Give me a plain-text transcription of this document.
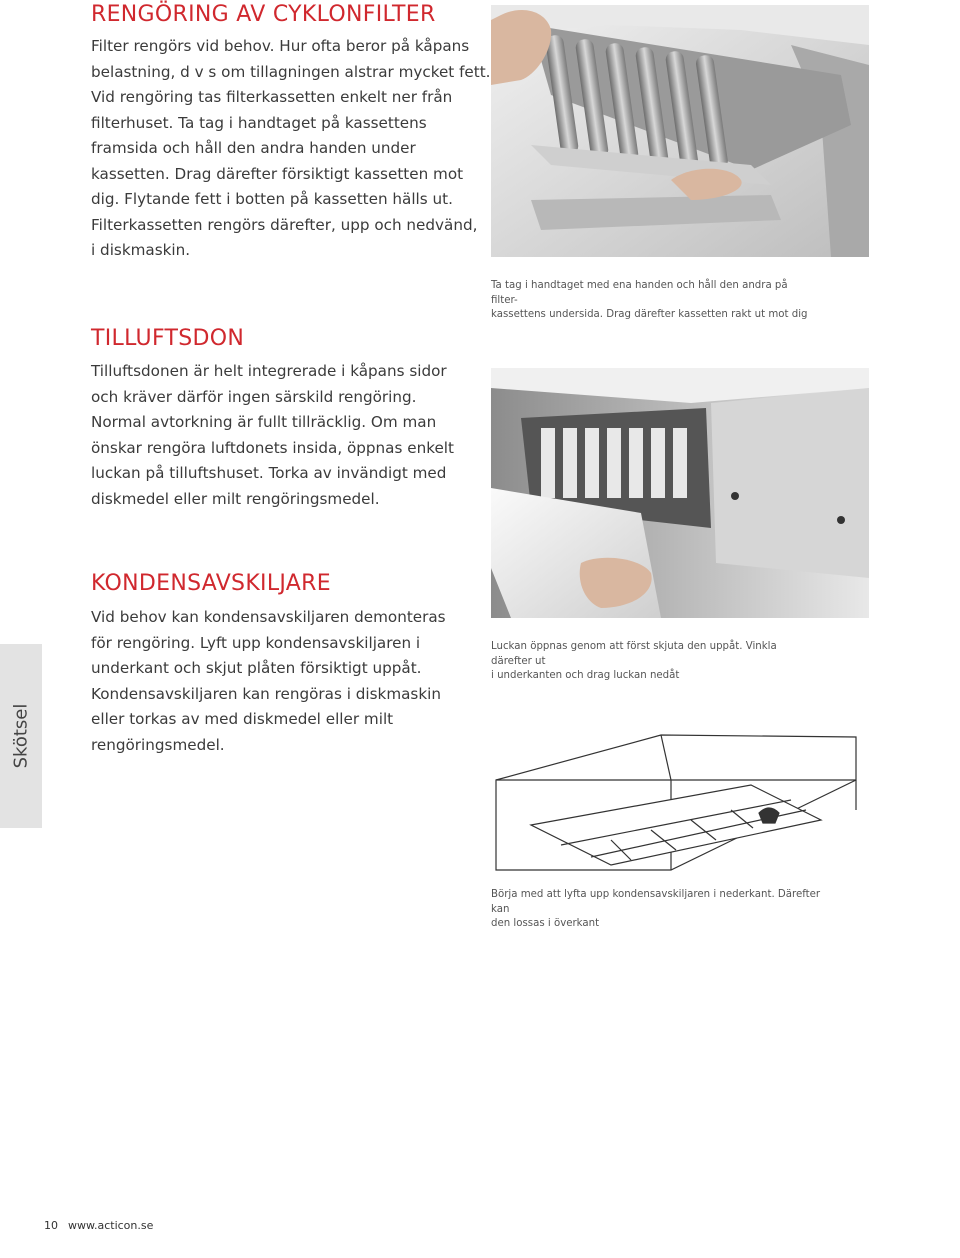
RENGÖRING AV CYKLONFILTER
Filter rengörs vid behov. Hur ofta beror på kåpans
belastning, d v s om tillagningen alstrar mycket fett.
Vid rengöring tas filterkassetten enkelt ner från
filterhuset. Ta tag i handtaget på kassettens
framsida och håll den andra handen under
kassetten. Drag därefter försiktigt kassetten mot
dig. Flytande fett i botten på kassetten hälls ut.
Filterkassetten rengörs därefter, upp och nedvänd,
i diskmaskin.
TILLUFTSDON
Tilluftsdonen är helt integrerade i kåpans sidor
och kräver därför ingen särskild rengöring.
Normal avtorkning är fullt tillräcklig. Om man
önskar rengöra luftdonets insida, öppnas enkelt
luckan på tilluftshuset. Torka av invändigt med
diskmedel eller milt rengöringsmedel.
KONDENSAVSKILJARE
Vid behov kan kondensavskiljaren demonteras
för rengöring. Lyft upp kondensavskiljaren i
underkant och skjut plåten försiktigt uppåt.
Kondensavskiljaren kan rengöras i diskmaskin
eller torkas av med diskmedel eller milt
rengöringsmedel.
Ta tag i handtaget med ena handen och håll den andra på filter-
kassettens undersida. Drag därefter kassetten rakt ut mot dig
Luckan öppnas genom att först skjuta den uppåt. Vinkla därefter ut
i underkanten och drag luckan nedåt
Börja med att lyfta upp kondensavskiljaren i nederkant. Därefter kan
den lossas i överkant
Skötsel
10 www.acticon.se
